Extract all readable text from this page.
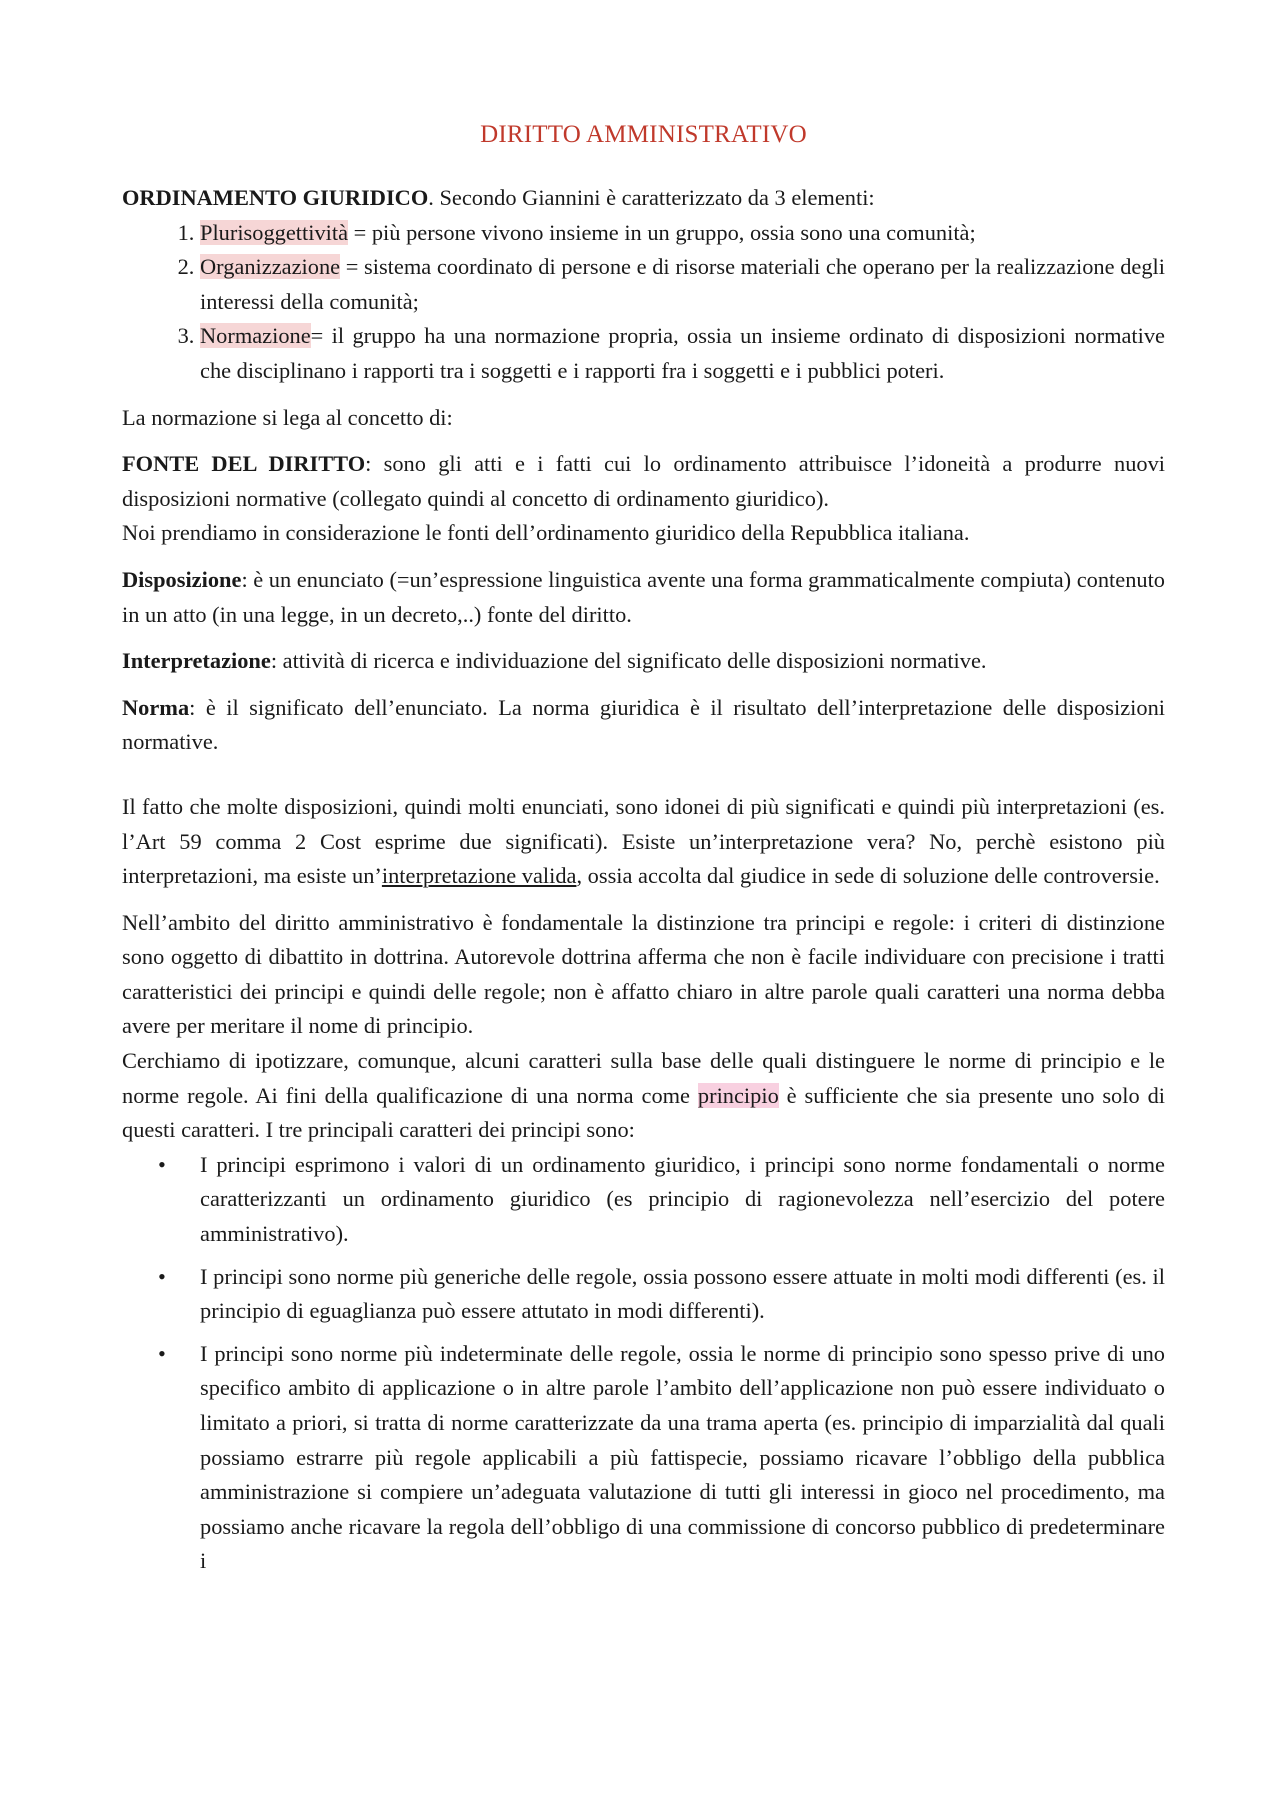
DIRITTO AMMINISTRATIVO

ORDINAMENTO GIURIDICO. Secondo Giannini è caratterizzato da 3 elementi:

1. Plurisoggettività = più persone vivono insieme in un gruppo, ossia sono una comunità;
2. Organizzazione = sistema coordinato di persone e di risorse materiali che operano per la realizzazione degli interessi della comunità;
3. Normazione= il gruppo ha una normazione propria, ossia un insieme ordinato di disposizioni normative che disciplinano i rapporti tra i soggetti e i rapporti fra i soggetti e i pubblici poteri.

La normazione si lega al concetto di:

FONTE DEL DIRITTO: sono gli atti e i fatti cui lo ordinamento attribuisce l’idoneità a produrre nuovi disposizioni normative (collegato quindi al concetto di ordinamento giuridico).

Noi prendiamo in considerazione le fonti dell’ordinamento giuridico della Repubblica italiana.

Disposizione: è un enunciato (=un’espressione linguistica avente una forma grammaticalmente compiuta) contenuto in un atto (in una legge, in un decreto,..) fonte del diritto.

Interpretazione: attività di ricerca e individuazione del significato delle disposizioni normative.

Norma: è il significato dell’enunciato. La norma giuridica è il risultato dell’interpretazione delle disposizioni normative.

Il fatto che molte disposizioni, quindi molti enunciati, sono idonei di più significati e quindi più interpretazioni (es. l’Art 59 comma 2 Cost esprime due significati). Esiste un’interpretazione vera? No, perchè esistono più interpretazioni, ma esiste un’interpretazione valida, ossia accolta dal giudice in sede di soluzione delle controversie.

Nell’ambito del diritto amministrativo è fondamentale la distinzione tra principi e regole: i criteri di distinzione sono oggetto di dibattito in dottrina. Autorevole dottrina afferma che non è facile individuare con precisione i tratti caratteristici dei principi e quindi delle regole; non è affatto chiaro in altre parole quali caratteri una norma debba avere per meritare il nome di principio.

Cerchiamo di ipotizzare, comunque, alcuni caratteri sulla base delle quali distinguere le norme di principio e le norme regole. Ai fini della qualificazione di una norma come principio è sufficiente che sia presente uno solo di questi caratteri. I tre principali caratteri dei principi sono:

• I principi esprimono i valori di un ordinamento giuridico, i principi sono norme fondamentali o norme caratterizzanti un ordinamento giuridico (es principio di ragionevolezza nell’esercizio del potere amministrativo).
• I principi sono norme più generiche delle regole, ossia possono essere attuate in molti modi differenti (es. il principio di eguaglianza può essere attutato in modi differenti).
• I principi sono norme più indeterminate delle regole, ossia le norme di principio sono spesso prive di uno specifico ambito di applicazione o in altre parole l’ambito dell’applicazione non può essere individuato o limitato a priori, si tratta di norme caratterizzate da una trama aperta (es. principio di imparzialità dal quali possiamo estrarre più regole applicabili a più fattispecie, possiamo ricavare l’obbligo della pubblica amministrazione si compiere un’adeguata valutazione di tutti gli interessi in gioco nel procedimento, ma possiamo anche ricavare la regola dell’obbligo di una commissione di concorso pubblico di predeterminare i
